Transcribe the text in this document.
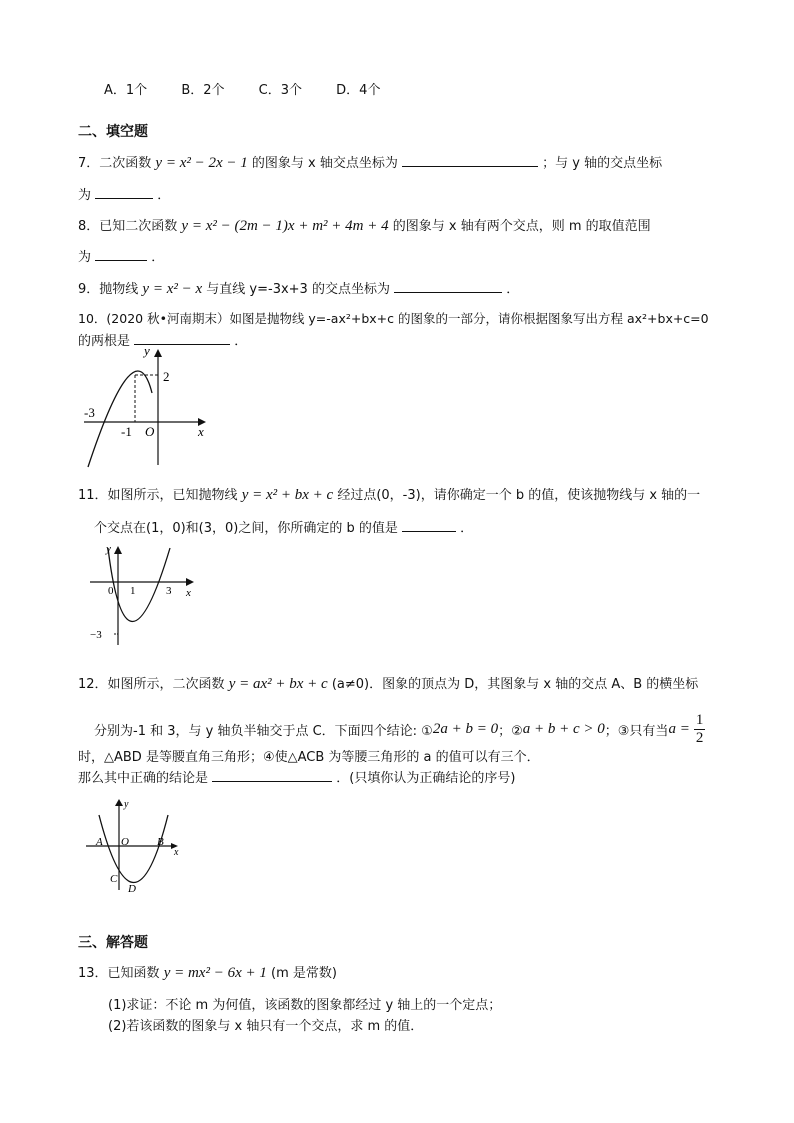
A．1个	B．2个	C．3个	D．4个
二、填空题
7．二次函数 y = x² − 2x − 1 的图象与 x 轴交点坐标为	；与 y 轴的交点坐标
为	．
8．已知二次函数 y = x² − (2m − 1)x + m² + 4m + 4 的图象与 x 轴有两个交点，则 m 的取值范围
为	．
9．抛物线 y = x² − x 与直线 y=-3x+3 的交点坐标为	．
10．(2020 秋•河南期末）如图是抛物线 y=-ax²+bx+c 的图象的一部分，请你根据图象写出方程 ax²+bx+c=0
的两根是	．
y
x
2
-3
-1 O
11．如图所示，已知抛物线 y = x² + bx + c 经过点(0，-3)，请你确定一个 b 的值，使该抛物线与 x 轴的一
个交点在(1，0)和(3，0)之间，你所确定的 b 的值是	．
y
x
0 1	3
−3
12．如图所示，二次函数 y = ax² + bx + c (a≠0)．图象的顶点为 D，其图象与 x 轴的交点 A、B 的横坐标
分别为-1 和 3，与 y 轴负半轴交于点 C．下面四个结论: ① 2a + b = 0 ；② a + b + c > 0 ；③只有当 $a = \frac{1}{2}$
时，△ABD 是等腰直角三角形；④使△ACB 为等腰三角形的 a 的值可以有三个．
那么其中正确的结论是	．(只填你认为正确结论的序号)
y
x
A O	B
C
D
三、解答题
13．已知函数 y = mx² − 6x + 1 (m 是常数)
(1)求证：不论 m 为何值，该函数的图象都经过 y 轴上的一个定点；
(2)若该函数的图象与 x 轴只有一个交点，求 m 的值．
